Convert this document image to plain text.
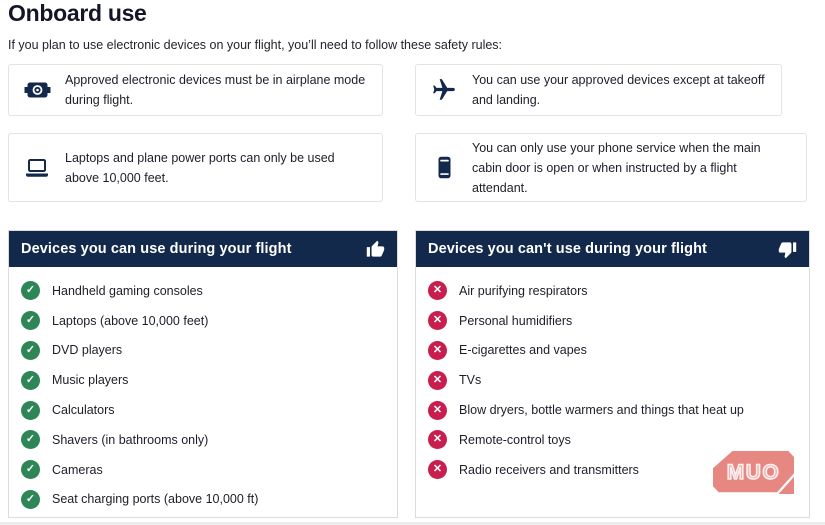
Onboard use

If you plan to use electronic devices on your flight, you’ll need to follow these safety rules:

Approved electronic devices must be in airplane mode during flight.
You can use your approved devices except at takeoff and landing.
Laptops and plane power ports can only be used above 10,000 feet.
You can only use your phone service when the main cabin door is open or when instructed by a flight attendant.
Devices you can use during your flight
✓	Handheld gaming consoles
✓	Laptops (above 10,000 feet)
✓	DVD players
✓	Music players
✓	Calculators
✓	Shavers (in bathrooms only)
✓	Cameras
✓	Seat charging ports (above 10,000 ft)
Devices you can't use during your flight
✕	Air purifying respirators
✕	Personal humidifiers
✕	E-cigarettes and vapes
✕	TVs
✕	Blow dryers, bottle warmers and things that heat up
✕	Remote-control toys
✕	Radio receivers and transmitters	MUO
